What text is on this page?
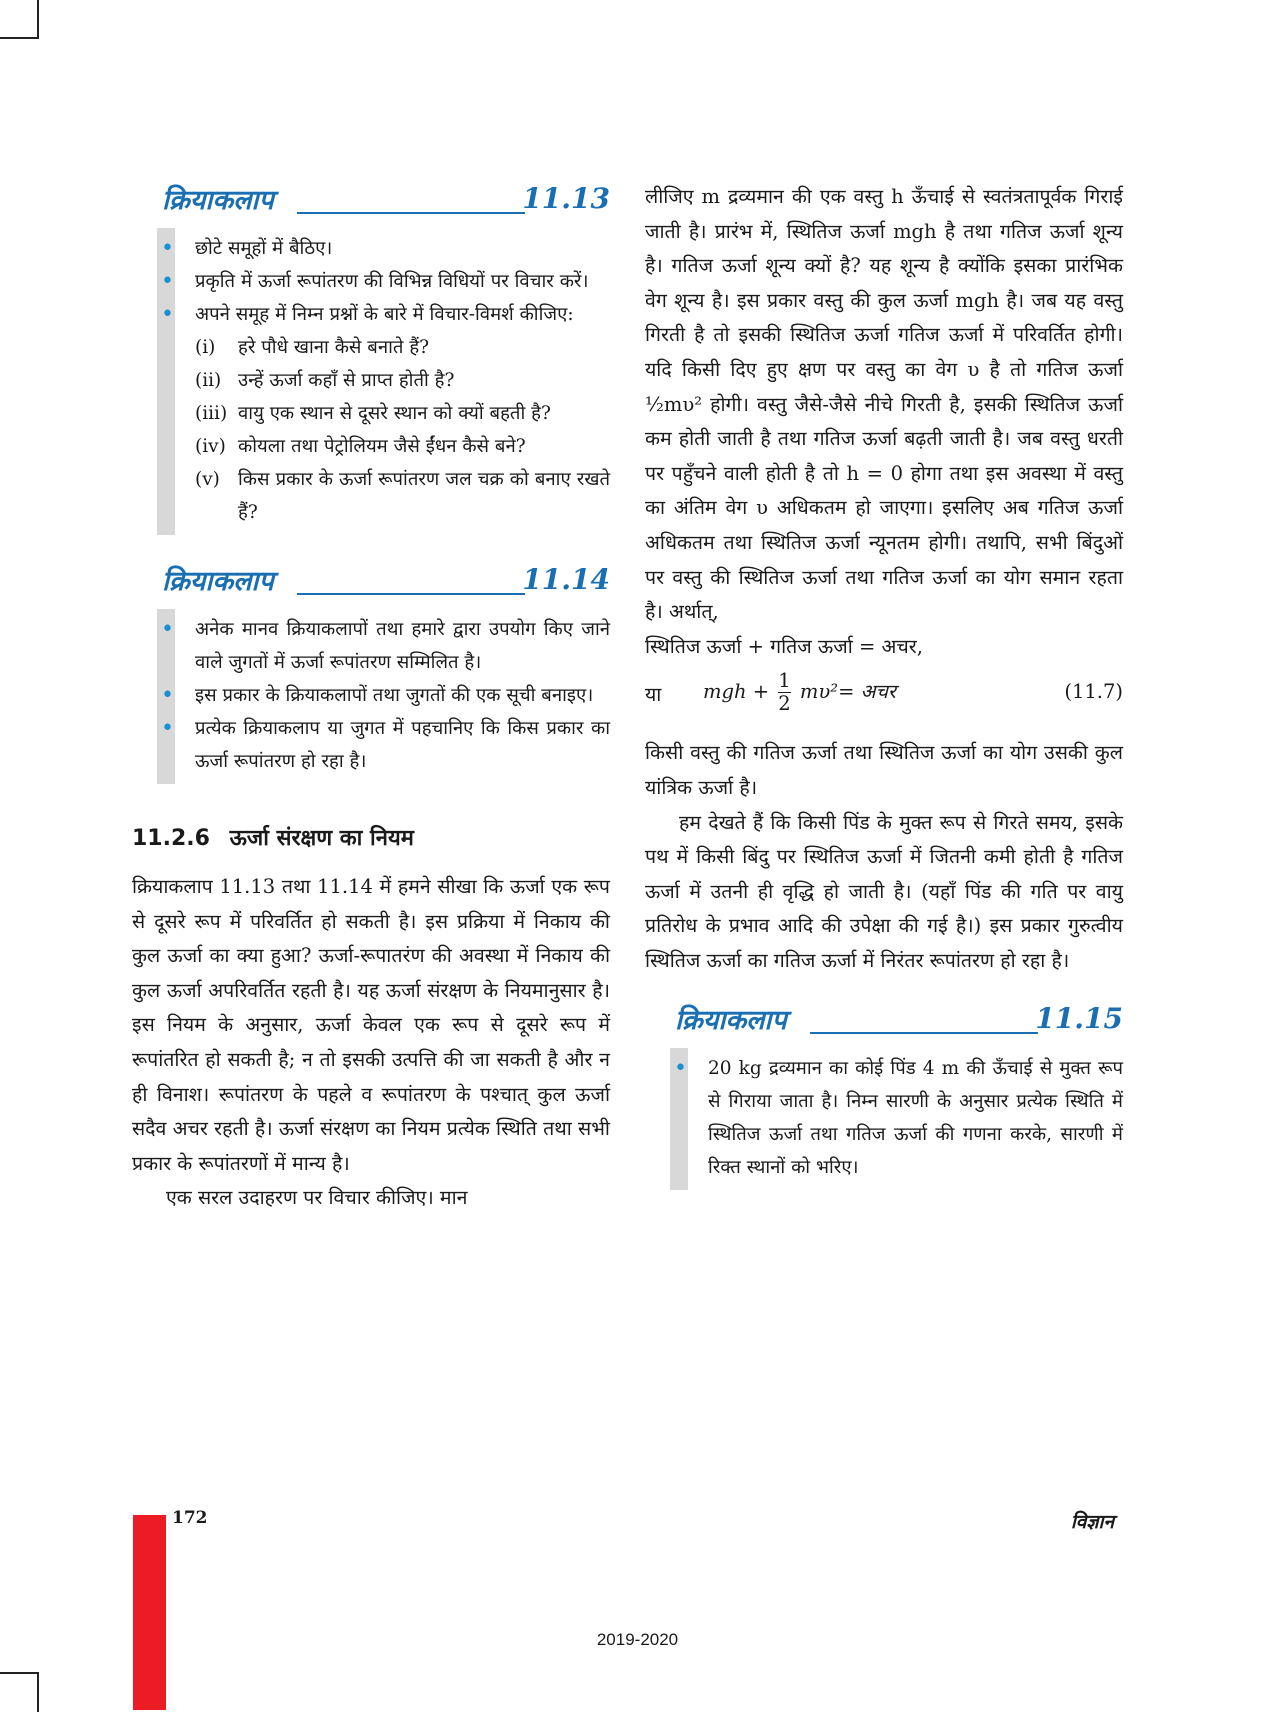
क्रियाकलाप	11.13
• छोटे समूहों में बैठिए।
• प्रकृति में ऊर्जा रूपांतरण की विभिन्न विधियों पर विचार करें।
• अपने समूह में निम्न प्रश्नों के बारे में विचार-विमर्श कीजिए:
(i) हरे पौधे खाना कैसे बनाते हैं?
(ii) उन्हें ऊर्जा कहाँ से प्राप्त होती है?
(iii) वायु एक स्थान से दूसरे स्थान को क्यों बहती है?
(iv) कोयला तथा पेट्रोलियम जैसे ईंधन कैसे बने?
(v) किस प्रकार के ऊर्जा रूपांतरण जल चक्र को बनाए रखते हैं?
क्रियाकलाप	11.14
• अनेक मानव क्रियाकलापों तथा हमारे द्वारा उपयोग किए जाने वाले जुगतों में ऊर्जा रूपांतरण सम्मिलित है।
• इस प्रकार के क्रियाकलापों तथा जुगतों की एक सूची बनाइए।
• प्रत्येक क्रियाकलाप या जुगत में पहचानिए कि किस प्रकार का ऊर्जा रूपांतरण हो रहा है।
11.2.6 ऊर्जा संरक्षण का नियम

क्रियाकलाप 11.13 तथा 11.14 में हमने सीखा कि ऊर्जा एक रूप से दूसरे रूप में परिवर्तित हो सकती है। इस प्रक्रिया में निकाय की कुल ऊर्जा का क्या हुआ? ऊर्जा-रूपातरंण की अवस्था में निकाय की कुल ऊर्जा अपरिवर्तित रहती है। यह ऊर्जा संरक्षण के नियमानुसार है। इस नियम के अनुसार, ऊर्जा केवल एक रूप से दूसरे रूप में रूपांतरित हो सकती है; न तो इसकी उत्पत्ति की जा सकती है और न ही विनाश। रूपांतरण के पहले व रूपांतरण के पश्चात् कुल ऊर्जा सदैव अचर रहती है। ऊर्जा संरक्षण का नियम प्रत्येक स्थिति तथा सभी प्रकार के रूपांतरणों में मान्य है।

एक सरल उदाहरण पर विचार कीजिए। मान

लीजिए m द्रव्यमान की एक वस्तु h ऊँचाई से स्वतंत्रतापूर्वक गिराई जाती है। प्रारंभ में, स्थितिज ऊर्जा mgh है तथा गतिज ऊर्जा शून्य है। गतिज ऊर्जा शून्य क्यों है? यह शून्य है क्योंकि इसका प्रारंभिक वेग शून्य है। इस प्रकार वस्तु की कुल ऊर्जा mgh है। जब यह वस्तु गिरती है तो इसकी स्थितिज ऊर्जा गतिज ऊर्जा में परिवर्तित होगी। यदि किसी दिए हुए क्षण पर वस्तु का वेग υ है तो गतिज ऊर्जा ½mυ² होगी। वस्तु जैसे-जैसे नीचे गिरती है, इसकी स्थितिज ऊर्जा कम होती जाती है तथा गतिज ऊर्जा बढ़ती जाती है। जब वस्तु धरती पर पहुँचने वाली होती है तो h = 0 होगा तथा इस अवस्था में वस्तु का अंतिम वेग υ अधिकतम हो जाएगा। इसलिए अब गतिज ऊर्जा अधिकतम तथा स्थितिज ऊर्जा न्यूनतम होगी। तथापि, सभी बिंदुओं पर वस्तु की स्थितिज ऊर्जा तथा गतिज ऊर्जा का योग समान रहता है। अर्थात्,

स्थितिज ऊर्जा + गतिज ऊर्जा = अचर,

या mgh + $\frac{1}{2} m\upsilon^2=$ अचर	(11.7)

किसी वस्तु की गतिज ऊर्जा तथा स्थितिज ऊर्जा का योग उसकी कुल यांत्रिक ऊर्जा है।

हम देखते हैं कि किसी पिंड के मुक्त रूप से गिरते समय, इसके पथ में किसी बिंदु पर स्थितिज ऊर्जा में जितनी कमी होती है गतिज ऊर्जा में उतनी ही वृद्धि हो जाती है। (यहाँ पिंड की गति पर वायु प्रतिरोध के प्रभाव आदि की उपेक्षा की गई है।) इस प्रकार गुरुत्वीय स्थितिज ऊर्जा का गतिज ऊर्जा में निरंतर रूपांतरण हो रहा है।

क्रियाकलाप	11.15
• 20 kg द्रव्यमान का कोई पिंड 4 m की ऊँचाई से मुक्त रूप से गिराया जाता है। निम्न सारणी के अनुसार प्रत्येक स्थिति में स्थितिज ऊर्जा तथा गतिज ऊर्जा की गणना करके, सारणी में रिक्त स्थानों को भरिए।
172	विज्ञान
2019-2020
